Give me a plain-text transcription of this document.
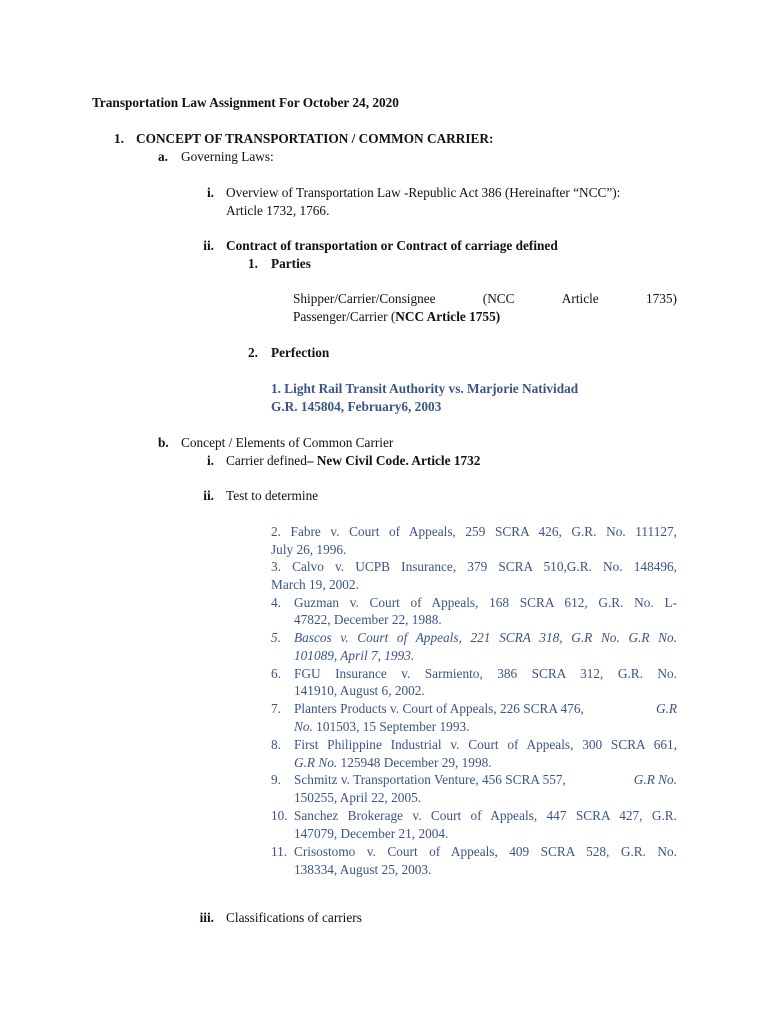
Transportation Law Assignment For October 24, 2020
1. CONCEPT OF TRANSPORTATION / COMMON CARRIER:
a. Governing Laws:
i. Overview of Transportation Law -Republic Act 386 (Hereinafter “NCC”):
Article 1732, 1766.
ii. Contract of transportation or Contract of carriage defined
1. Parties
Shipper/Carrier/Consignee	(NCC	Article	1735)
Passenger/Carrier (NCC Article 1755)
2. Perfection
1. Light Rail Transit Authority vs. Marjorie Natividad
G.R. 145804, February6, 2003
b. Concept / Elements of Common Carrier
i. Carrier defined– New Civil Code. Article 1732
ii. Test to determine
2. Fabre v. Court of Appeals, 259 SCRA 426, G.R. No. 111127,
July 26, 1996.
3. Calvo v. UCPB Insurance, 379 SCRA 510,G.R. No. 148496,
March 19, 2002.
4. Guzman v. Court of Appeals, 168 SCRA 612, G.R. No. L-
47822, December 22, 1988.
5. Bascos v. Court of Appeals, 221 SCRA 318, G.R No. G.R No.
101089, April 7, 1993.
6. FGU Insurance v. Sarmiento, 386 SCRA 312, G.R. No.
141910, August 6, 2002.
7. Planters Products v. Court of Appeals, 226 SCRA 476,	G.R
No. 101503, 15 September 1993.
8. First Philippine Industrial v. Court of Appeals, 300 SCRA 661,
G.R No. 125948 December 29, 1998.
9. Schmitz v. Transportation Venture, 456 SCRA 557,	G.R No.
150255, April 22, 2005.
10. Sanchez Brokerage v. Court of Appeals, 447 SCRA 427, G.R.
147079, December 21, 2004.
11. Crisostomo v. Court of Appeals, 409 SCRA 528, G.R. No.
138334, August 25, 2003.
iii. Classifications of carriers
